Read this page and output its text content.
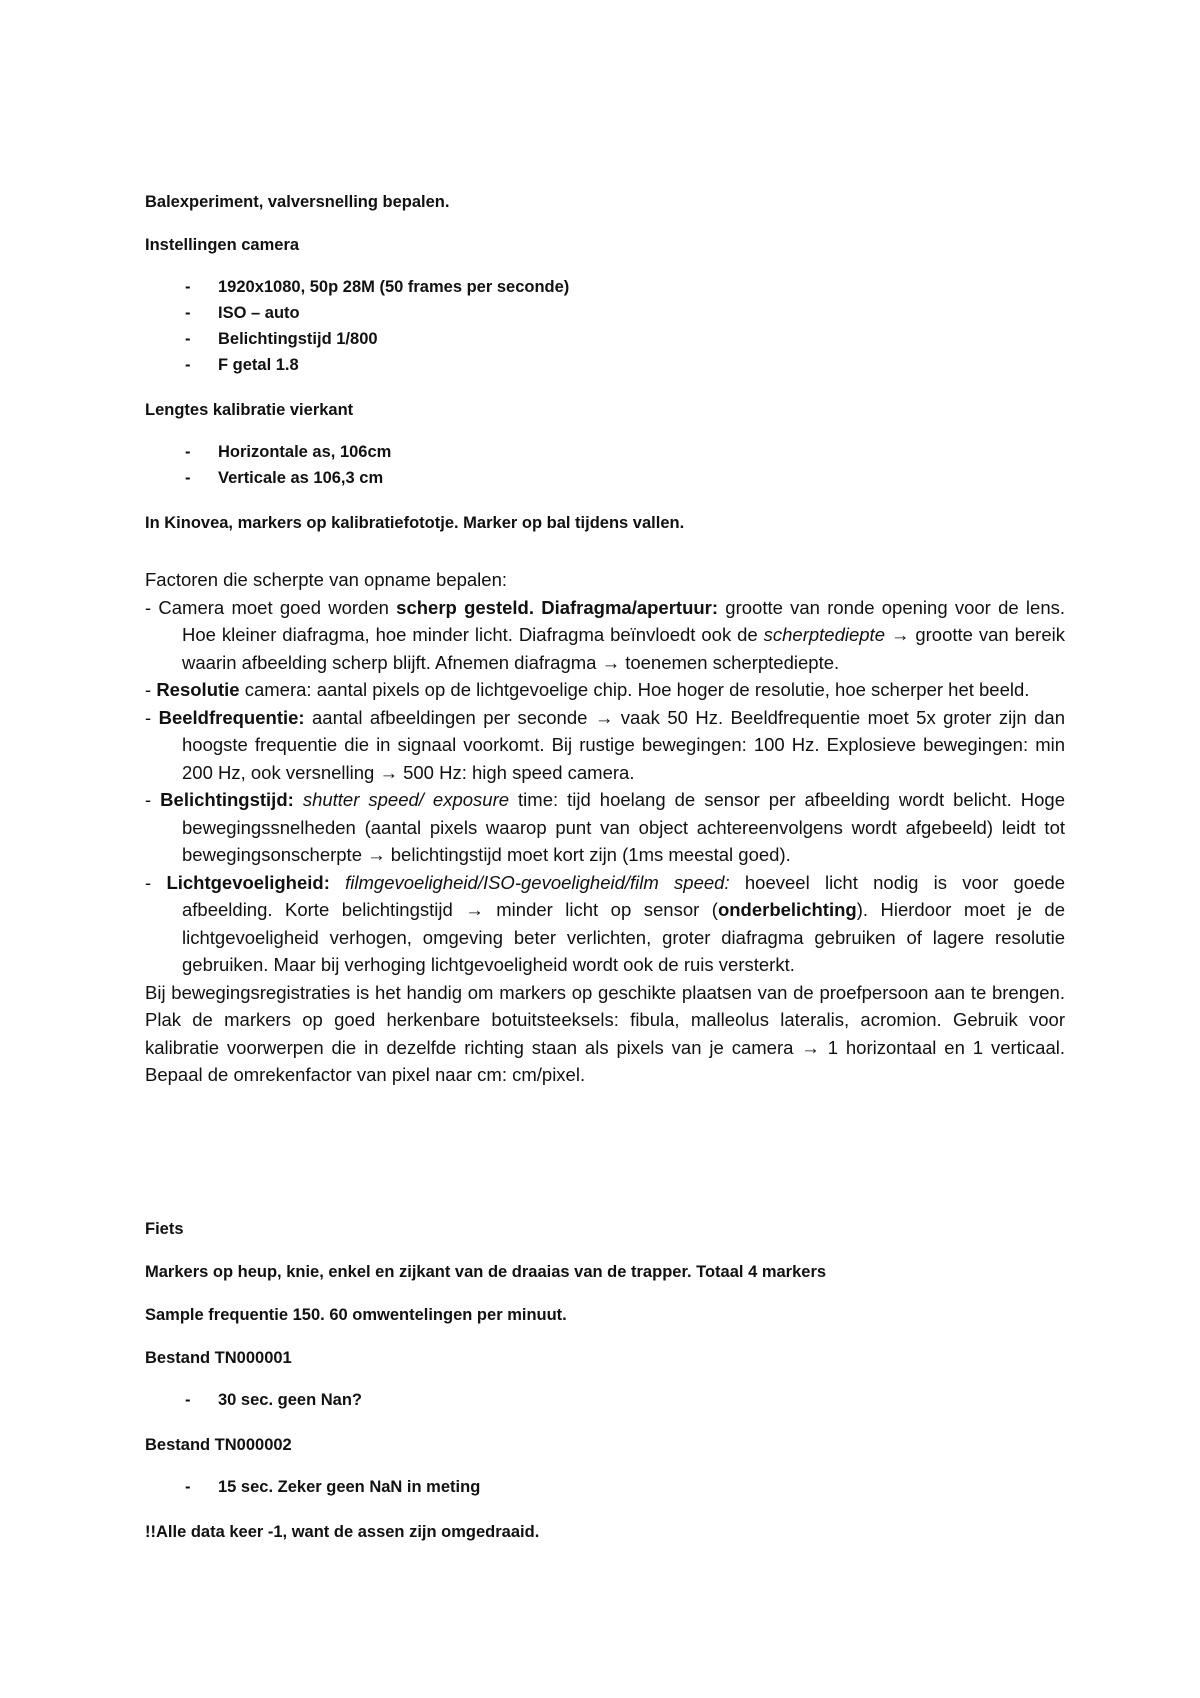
Balexperiment, valversnelling bepalen.
Instellingen camera
- 1920x1080, 50p 28M (50 frames per seconde)
- ISO – auto
- Belichtingstijd 1/800
- F getal 1.8
Lengtes kalibratie vierkant
- Horizontale as, 106cm
- Verticale as 106,3 cm
In Kinovea, markers op kalibratiefototje. Marker op bal tijdens vallen.

Factoren die scherpte van opname bepalen:

- Camera moet goed worden scherp gesteld. Diafragma/apertuur: grootte van ronde opening voor de lens. Hoe kleiner diafragma, hoe minder licht. Diafragma beïnvloedt ook de scherptediepte → grootte van bereik waarin afbeelding scherp blijft. Afnemen diafragma → toenemen scherptediepte.

- Resolutie camera: aantal pixels op de lichtgevoelige chip. Hoe hoger de resolutie, hoe scherper het beeld.

- Beeldfrequentie: aantal afbeeldingen per seconde → vaak 50 Hz. Beeldfrequentie moet 5x groter zijn dan hoogste frequentie die in signaal voorkomt. Bij rustige bewegingen: 100 Hz. Explosieve bewegingen: min 200 Hz, ook versnelling → 500 Hz: high speed camera.

- Belichtingstijd: shutter speed/ exposure time: tijd hoelang de sensor per afbeelding wordt belicht. Hoge bewegingssnelheden (aantal pixels waarop punt van object achtereenvolgens wordt afgebeeld) leidt tot bewegingsonscherpte → belichtingstijd moet kort zijn (1ms meestal goed).

- Lichtgevoeligheid: filmgevoeligheid/ISO-gevoeligheid/film speed: hoeveel licht nodig is voor goede afbeelding. Korte belichtingstijd → minder licht op sensor (onderbelichting). Hierdoor moet je de lichtgevoeligheid verhogen, omgeving beter verlichten, groter diafragma gebruiken of lagere resolutie gebruiken. Maar bij verhoging lichtgevoeligheid wordt ook de ruis versterkt.

Bij bewegingsregistraties is het handig om markers op geschikte plaatsen van de proefpersoon aan te brengen. Plak de markers op goed herkenbare botuitsteeksels: fibula, malleolus lateralis, acromion. Gebruik voor kalibratie voorwerpen die in dezelfde richting staan als pixels van je camera → 1 horizontaal en 1 verticaal. Bepaal de omrekenfactor van pixel naar cm: cm/pixel.

Fiets
Markers op heup, knie, enkel en zijkant van de draaias van de trapper. Totaal 4 markers
Sample frequentie 150. 60 omwentelingen per minuut.
Bestand TN000001
- 30 sec. geen Nan?
Bestand TN000002
- 15 sec. Zeker geen NaN in meting
!!Alle data keer -1, want de assen zijn omgedraaid.
